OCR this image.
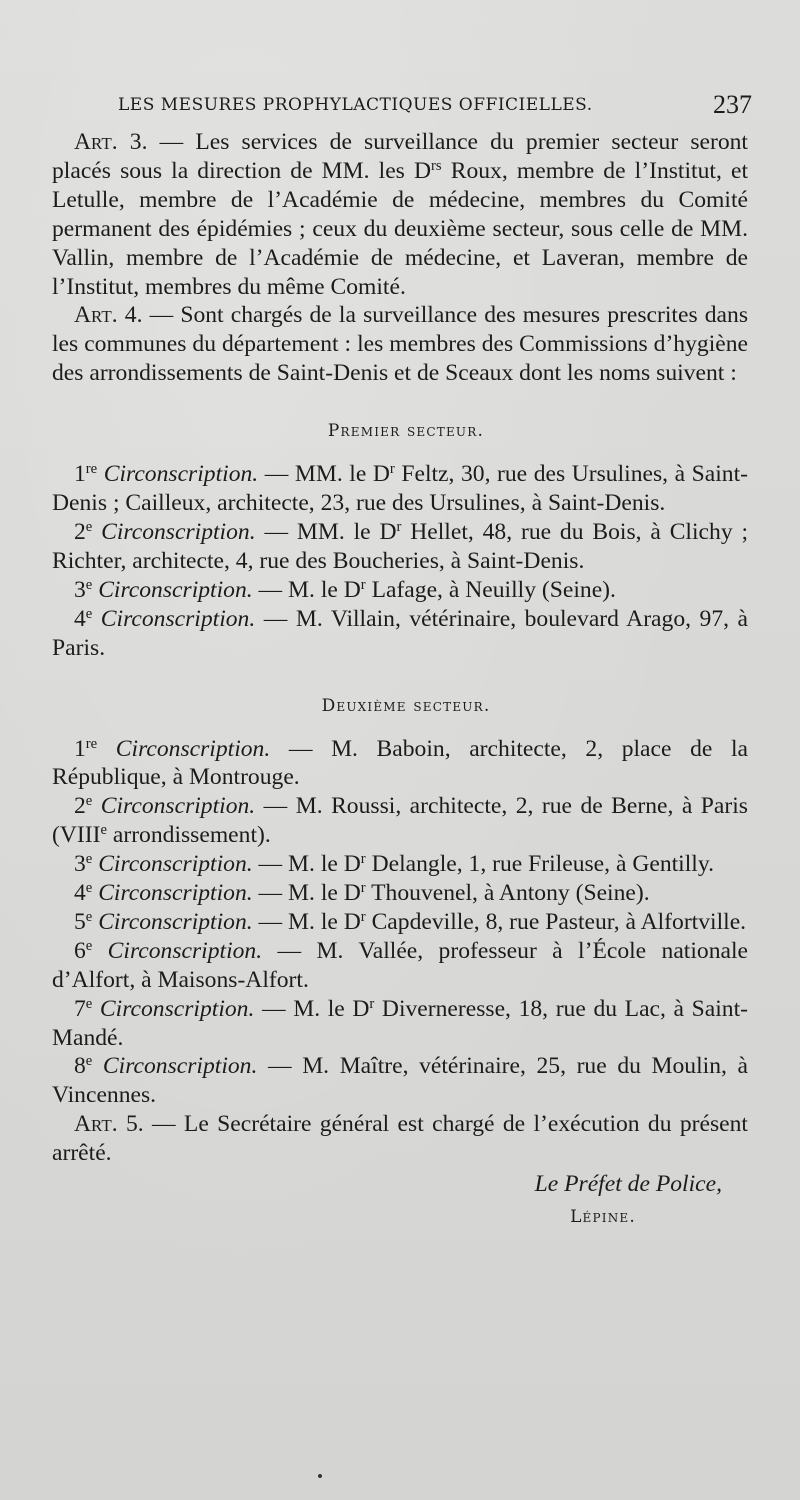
LES MESURES PROPHYLACTIQUES OFFICIELLES.	237

Art. 3. — Les services de surveillance du premier secteur seront placés sous la direction de MM. les $D^{rs}$ Roux, membre de l’Institut, et Letulle, membre de l’Académie de médecine, membres du Comité permanent des épidémies ; ceux du deuxième secteur, sous celle de MM. Vallin, membre de l’Académie de médecine, et Laveran, membre de l’Institut, membres du même Comité.

Art. 4. — Sont chargés de la surveillance des mesures prescrites dans les communes du département : les membres des Commissions d’hygiène des arrondissements de Saint-Denis et de Sceaux dont les noms suivent :

Premier secteur.

1re Circonscription. — MM. le $D^r$ Feltz, 30, rue des Ursulines, à Saint-Denis ; Cailleux, architecte, 23, rue des Ursulines, à Saint-Denis.

2e Circonscription. — MM. le $D^r$ Hellet, 48, rue du Bois, à Clichy ; Richter, architecte, 4, rue des Boucheries, à Saint-Denis.

3e Circonscription. — M. le $D^r$ Lafage, à Neuilly (Seine).

4e Circonscription. — M. Villain, vétérinaire, boulevard Arago, 97, à Paris.

Deuxième secteur.

1re Circonscription. — M. Baboin, architecte, 2, place de la République, à Montrouge.

2e Circonscription. — M. Roussi, architecte, 2, rue de Berne, à Paris (VIIIe arrondissement).

3e Circonscription. — M. le $D^r$ Delangle, 1, rue Frileuse, à Gentilly.

4e Circonscription. — M. le $D^r$ Thouvenel, à Antony (Seine).

5e Circonscription. — M. le $D^r$ Capdeville, 8, rue Pasteur, à Alfortville.

6e Circonscription. — M. Vallée, professeur à l’École nationale d’Alfort, à Maisons-Alfort.

7e Circonscription. — M. le $D^r$ Diverneresse, 18, rue du Lac, à Saint-Mandé.

8e Circonscription. — M. Maître, vétérinaire, 25, rue du Moulin, à Vincennes.

Art. 5. — Le Secrétaire général est chargé de l’exécution du présent arrêté.

Le Préfet de Police,
Lépine.
